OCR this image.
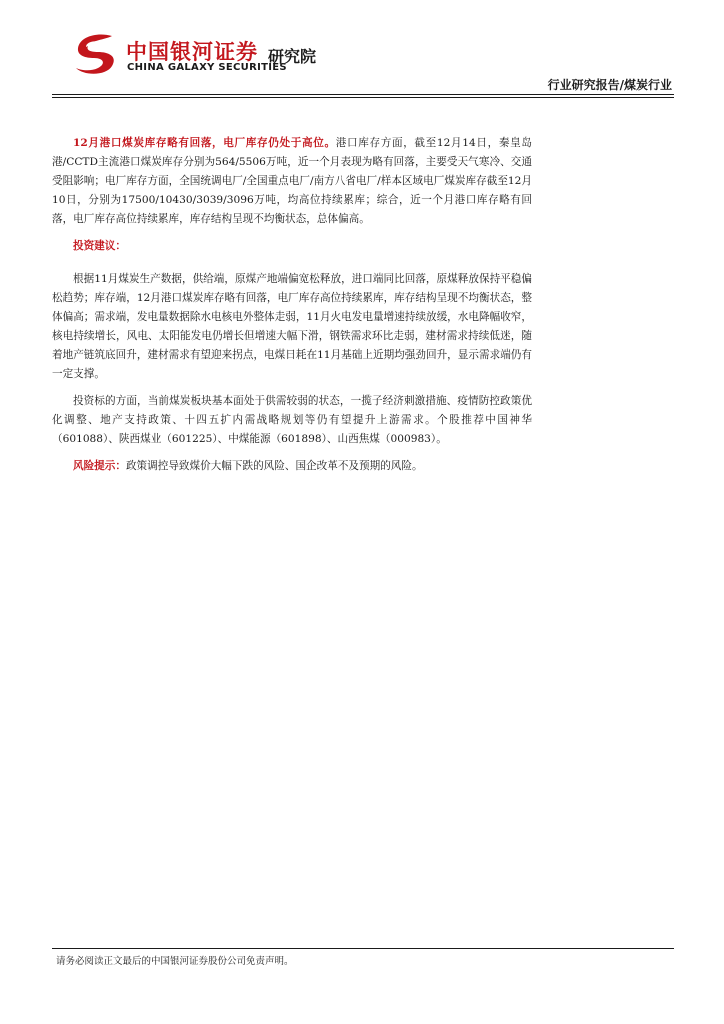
中国银河证券
CHINA GALAXY SECURITIES
研究院
行业研究报告/煤炭行业

12月港口煤炭库存略有回落，电厂库存仍处于高位。港口库存方面，截至12月14日，秦皇岛港/CCTD主流港口煤炭库存分别为564/5506万吨，近一个月表现为略有回落，主要受天气寒冷、交通受阻影响；电厂库存方面，全国统调电厂/全国重点电厂/南方八省电厂/样本区域电厂煤炭库存截至12月10日，分别为17500/10430/3039/3096万吨，均高位持续累库；综合，近一个月港口库存略有回落，电厂库存高位持续累库，库存结构呈现不均衡状态，总体偏高。

投资建议：

根据11月煤炭生产数据，供给端，原煤产地端偏宽松释放，进口端同比回落，原煤释放保持平稳偏松趋势；库存端，12月港口煤炭库存略有回落，电厂库存高位持续累库，库存结构呈现不均衡状态，整体偏高；需求端，发电量数据除水电核电外整体走弱，11月火电发电量增速持续放缓，水电降幅收窄，核电持续增长，风电、太阳能发电仍增长但增速大幅下滑，钢铁需求环比走弱，建材需求持续低迷，随着地产链筑底回升，建材需求有望迎来拐点，电煤日耗在11月基础上近期均强劲回升，显示需求端仍有一定支撑。

投资标的方面，当前煤炭板块基本面处于供需较弱的状态，一揽子经济刺激措施、疫情防控政策优化调整、地产支持政策、十四五扩内需战略规划等仍有望提升上游需求。个股推荐中国神华（601088）、陕西煤业（601225）、中煤能源（601898）、山西焦煤（000983）。

风险提示：政策调控导致煤价大幅下跌的风险、国企改革不及预期的风险。

请务必阅读正文最后的中国银河证券股份公司免责声明。
